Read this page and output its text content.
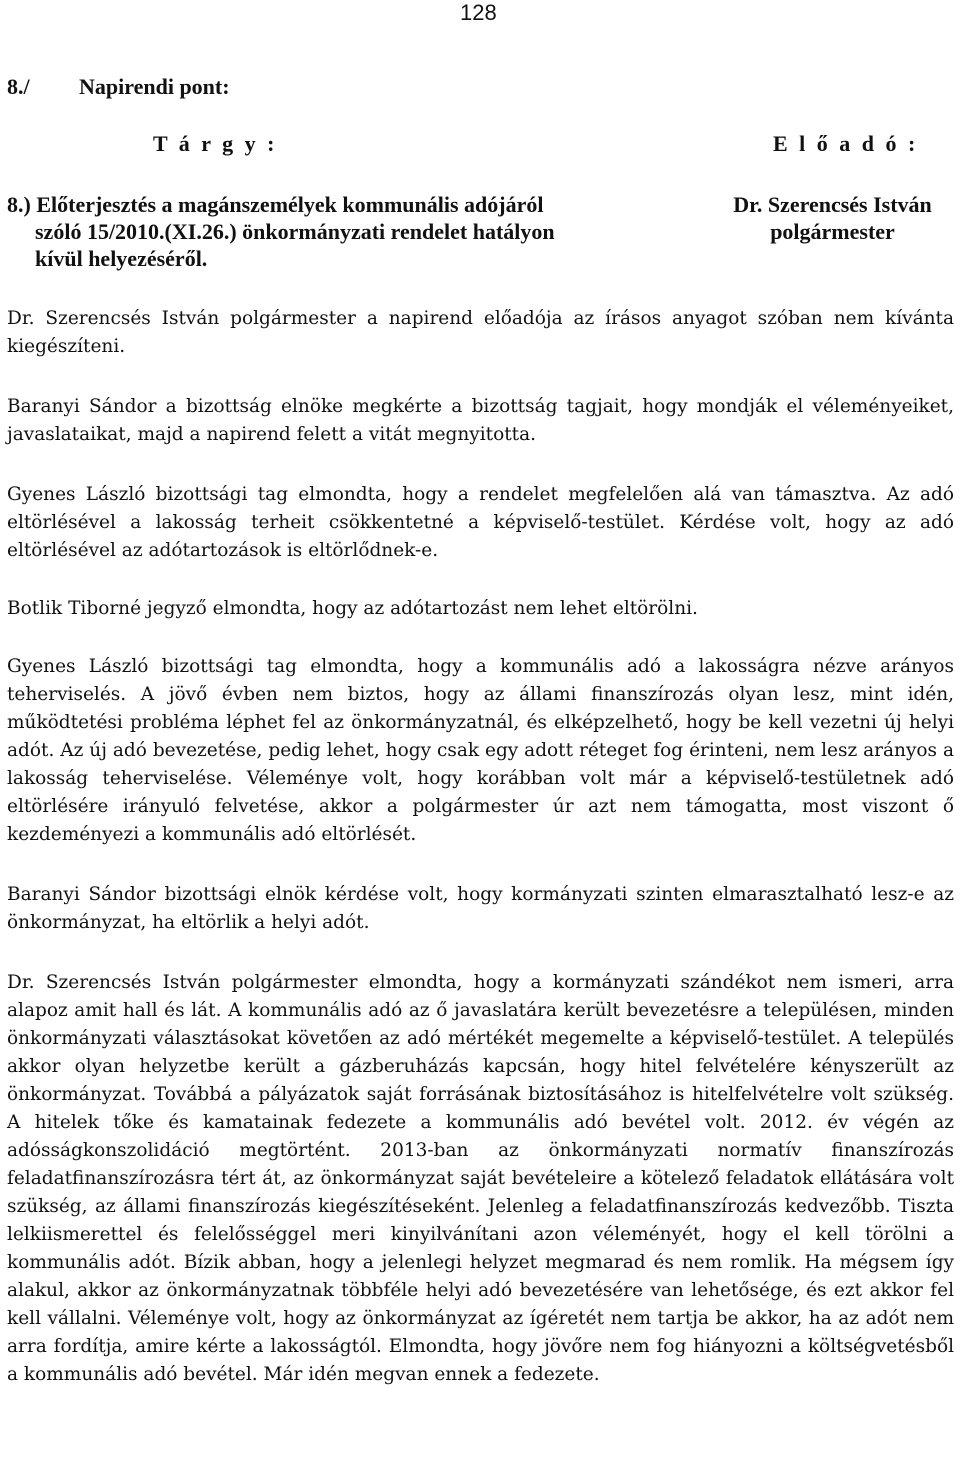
128
8./ Napirendi pont:
T á r g y :	E l ő a d ó :
8.) Előterjesztés a magánszemélyek kommunális adójáról
szóló 15/2010.(XI.26.) önkormányzati rendelet hatályon
kívül helyezéséről.
Dr. Szerencsés István
polgármester

Dr. Szerencsés István polgármester a napirend előadója az írásos anyagot szóban nem kívánta kiegészíteni.

Baranyi Sándor a bizottság elnöke megkérte a bizottság tagjait, hogy mondják el véleményeiket, javaslataikat, majd a napirend felett a vitát megnyitotta.

Gyenes László bizottsági tag elmondta, hogy a rendelet megfelelően alá van támasztva. Az adó eltörlésével a lakosság terheit csökkentetné a képviselő-testület. Kérdése volt, hogy az adó eltörlésével az adótartozások is eltörlődnek-e.

Botlik Tiborné jegyző elmondta, hogy az adótartozást nem lehet eltörölni.

Gyenes László bizottsági tag elmondta, hogy a kommunális adó a lakosságra nézve arányos teherviselés. A jövő évben nem biztos, hogy az állami finanszírozás olyan lesz, mint idén, működtetési probléma léphet fel az önkormányzatnál, és elképzelhető, hogy be kell vezetni új helyi adót. Az új adó bevezetése, pedig lehet, hogy csak egy adott réteget fog érinteni, nem lesz arányos a lakosság teherviselése. Véleménye volt, hogy korábban volt már a képviselő-testületnek adó eltörlésére irányuló felvetése, akkor a polgármester úr azt nem támogatta, most viszont ő kezdeményezi a kommunális adó eltörlését.

Baranyi Sándor bizottsági elnök kérdése volt, hogy kormányzati szinten elmarasztalható lesz-e az önkormányzat, ha eltörlik a helyi adót.

Dr. Szerencsés István polgármester elmondta, hogy a kormányzati szándékot nem ismeri, arra alapoz amit hall és lát. A kommunális adó az ő javaslatára került bevezetésre a településen, minden önkormányzati választásokat követően az adó mértékét megemelte a képviselő-testület. A település akkor olyan helyzetbe került a gázberuházás kapcsán, hogy hitel felvételére kényszerült az önkormányzat. Továbbá a pályázatok saját forrásának biztosításához is hitelfelvételre volt szükség. A hitelek tőke és kamatainak fedezete a kommunális adó bevétel volt. 2012. év végén az adósságkonszolidáció megtörtént. 2013-ban az önkormányzati normatív finanszírozás feladatfinanszírozásra tért át, az önkormányzat saját bevételeire a kötelező feladatok ellátására volt szükség, az állami finanszírozás kiegészítéseként. Jelenleg a feladatfinanszírozás kedvezőbb. Tiszta lelkiismerettel és felelősséggel meri kinyilvánítani azon véleményét, hogy el kell törölni a kommunális adót. Bízik abban, hogy a jelenlegi helyzet megmarad és nem romlik. Ha mégsem így alakul, akkor az önkormányzatnak többféle helyi adó bevezetésére van lehetősége, és ezt akkor fel kell vállalni. Véleménye volt, hogy az önkormányzat az ígéretét nem tartja be akkor, ha az adót nem arra fordítja, amire kérte a lakosságtól. Elmondta, hogy jövőre nem fog hiányozni a költségvetésből a kommunális adó bevétel. Már idén megvan ennek a fedezete.
